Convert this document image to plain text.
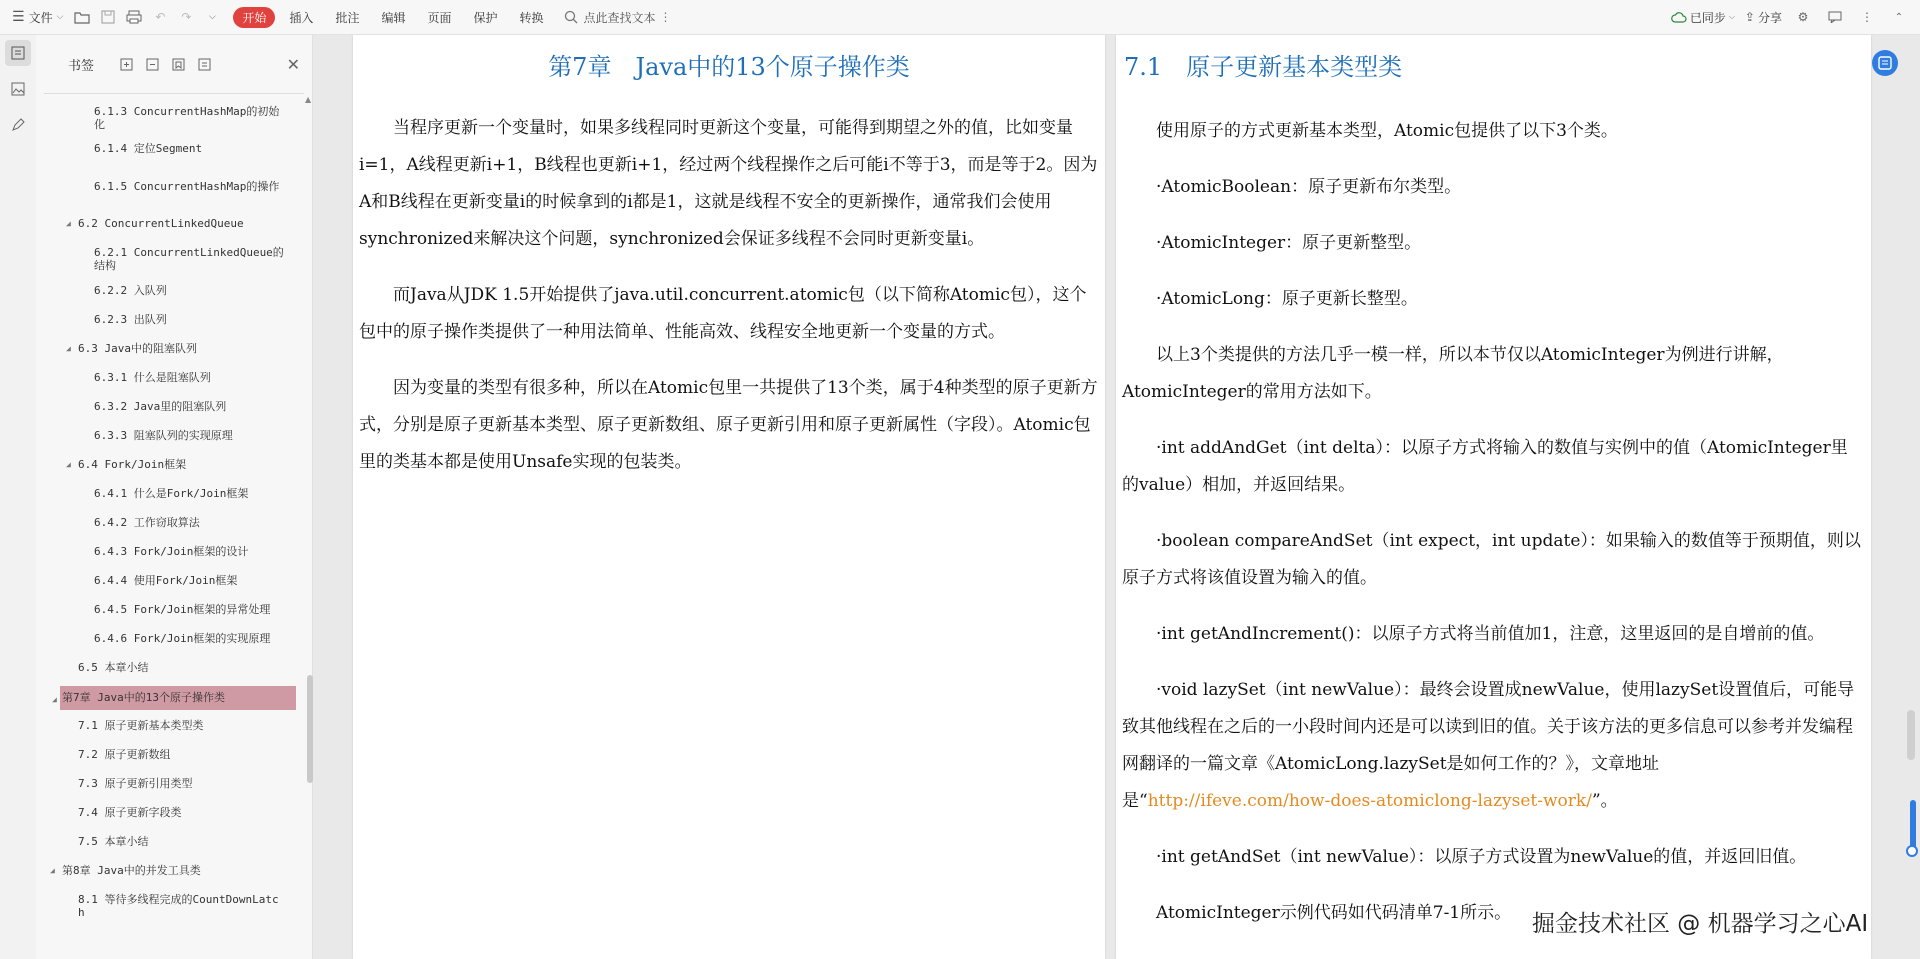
☰ 文件 ⌵	↶	↷	⌵	开始	插入 批注 编辑 页面 保护 转换	点此查找文本 ⋮	已同步 ⌵ ⇪ 分享	⚙	⋮	⌃
书签	✕
6.1.3 ConcurrentHashMap的初始
化
6.1.4 定位Segment
6.1.5 ConcurrentHashMap的操作
◢ 6.2 ConcurrentLinkedQueue
6.2.1 ConcurrentLinkedQueue的
结构
6.2.2 入队列
6.2.3 出队列
◢ 6.3 Java中的阻塞队列
6.3.1 什么是阻塞队列
6.3.2 Java里的阻塞队列
6.3.3 阻塞队列的实现原理
◢ 6.4 Fork/Join框架
6.4.1 什么是Fork/Join框架
6.4.2 工作窃取算法
6.4.3 Fork/Join框架的设计
6.4.4 使用Fork/Join框架
6.4.5 Fork/Join框架的异常处理
6.4.6 Fork/Join框架的实现原理
6.5 本章小结
◢ 第7章 Java中的13个原子操作类
7.1 原子更新基本类型类
7.2 原子更新数组
7.3 原子更新引用类型
7.4 原子更新字段类
7.5 本章小结
◢ 第8章 Java中的并发工具类
8.1 等待多线程完成的CountDownLatc
h
▲
第7章　Java中的13个原子操作类
　　当程序更新一个变量时，如果多线程同时更新这个变量，可能得到期望之外的值，比如变量i=1，A线程更新i+1，B线程也更新i+1，经过两个线程操作之后可能i不等于3，而是等于2。因为A和B线程在更新变量i的时候拿到的i都是1，这就是线程不安全的更新操作，通常我们会使用synchronized来解决这个问题，synchronized会保证多线程不会同时更新变量i。
　　而Java从JDK 1.5开始提供了java.util.concurrent.atomic包（以下简称Atomic包），这个包中的原子操作类提供了一种用法简单、性能高效、线程安全地更新一个变量的方式。
　　因为变量的类型有很多种，所以在Atomic包里一共提供了13个类，属于4种类型的原子更新方式，分别是原子更新基本类型、原子更新数组、原子更新引用和原子更新属性（字段）。Atomic包里的类基本都是使用Unsafe实现的包装类。
7.1　原子更新基本类型类
　　使用原子的方式更新基本类型，Atomic包提供了以下3个类。
　　·AtomicBoolean：原子更新布尔类型。
　　·AtomicInteger：原子更新整型。
　　·AtomicLong：原子更新长整型。
　　以上3个类提供的方法几乎一模一样，所以本节仅以AtomicInteger为例进行讲解，AtomicInteger的常用方法如下。
　　·int addAndGet（int delta）：以原子方式将输入的数值与实例中的值（AtomicInteger里的value）相加，并返回结果。
　　·boolean compareAndSet（int expect，int update）：如果输入的数值等于预期值，则以原子方式将该值设置为输入的值。
　　·int getAndIncrement()：以原子方式将当前值加1，注意，这里返回的是自增前的值。
　　·void lazySet（int newValue）：最终会设置成newValue，使用lazySet设置值后，可能导致其他线程在之后的一小段时间内还是可以读到旧的值。关于该方法的更多信息可以参考并发编程网翻译的一篇文章《AtomicLong.lazySet是如何工作的？》，文章地址是“http://ifeve.com/how-does-atomiclong-lazyset-work/”。
　　·int getAndSet（int newValue）：以原子方式设置为newValue的值，并返回旧值。
　　AtomicInteger示例代码如代码清单7-1所示。 掘金技术社区 @ 机器学习之心AI
